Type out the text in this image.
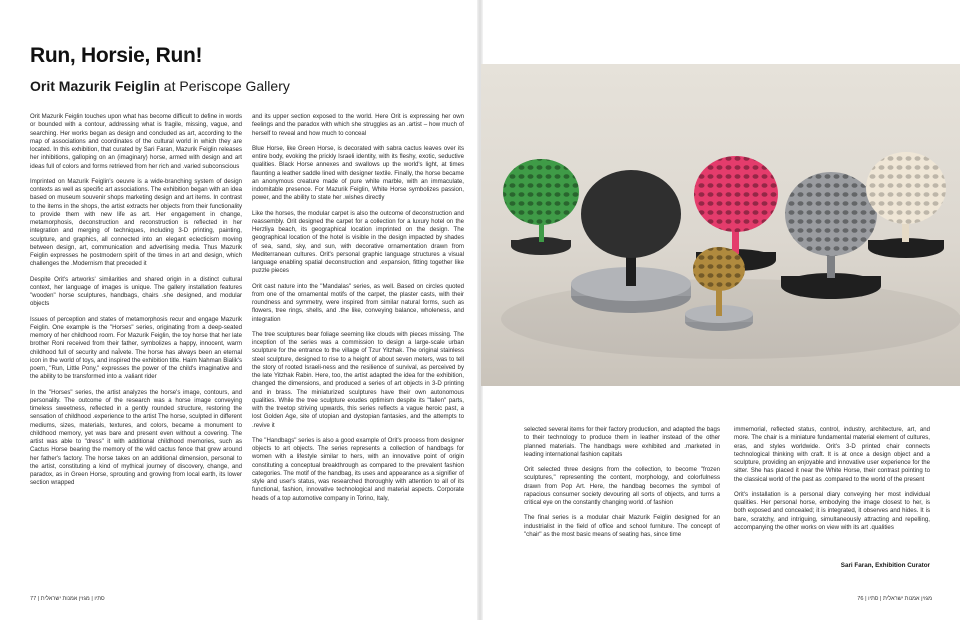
Run, Horsie, Run!
Orit Mazurik Feiglin at Periscope Gallery

Orit Mazurik Feiglin touches upon what has become difficult to define in words or bounded with a contour, addressing what is fragile, missing, vague, and searching. Her works began as design and concluded as art, according to the map of associations and coordinates of the cultural world in which they are located. In this exhibition, that curated by Sari Faran, Mazurik Feiglin releases her inhibitions, galloping on an (imaginary) horse, armed with design and art ideas full of colors and forms retrieved from her rich and .varied subconscious

Imprinted on Mazurik Feiglin's oeuvre is a wide-branching system of design contexts as well as specific art associations. The exhibition began with an idea based on museum souvenir shops marketing design and art items. In contrast to the items in the shops, the artist extracts her objects from their functionality to provide them with new life as art. Her engagement in change, metamorphosis, deconstruction and reconstruction is reflected in her integration and merging of techniques, including 3-D printing, painting, sculpture, and graphics, all connected into an elegant eclecticism moving between design, art, communication and advertising media. Thus Mazurik Feiglin expresses he postmodern spirit of the times in art and design, which challenges the .Modernism that preceded it

Despite Orit's artworks' similarities and shared origin in a distinct cultural context, her language of images is unique. The gallery installation features "wooden" horse sculptures, handbags, chairs .she designed, and modular objects

Issues of perception and states of metamorphosis recur and engage Mazurik Feiglin. One example is the "Horses" series, originating from a deep-seated memory of her childhood room. For Mazurik Feiglin, the toy horse that her late brother Roni received from their father, symbolizes a happy, innocent, warm childhood full of security and naÏvete. The horse has always been an eternal icon in the world of toys, and inspired the exhibition title. Haim Nahman Bialik's poem, "Run, Little Pony," expresses the power of the child's imaginative and the ability to be transformed into a .valiant rider

In the "Horses" series, the artist analyzes the horse's image, contours, and personality. The outcome of the research was a horse image conveying timeless sweetness, reflected in a gently rounded structure, restoring the sensation of childhood .experience to the artist The horse, sculpted in different mediums, sizes, materials, textures, and colors, became a monument to childhood memory, yet was bare and present even without a covering. The artist was able to "dress" it with additional childhood memories, such as Cactus Horse bearing the memory of the wild cactus fence that grew around her father's factory. The horse takes on an additional dimension, personal to the artist, constituting a kind of mythical journey of discovery, change, and paradox, as in Green Horse, sprouting and growing from local earth, its lower section wrapped

and its upper section exposed to the world. Here Orit is expressing her own feelings and the paradox with which she struggles as an .artist – how much of herself to reveal and how much to conceal

Blue Horse, like Green Horse, is decorated with sabra cactus leaves over its entire body, evoking the prickly Israeli identity, with its fleshy, exotic, seductive qualities. Black Horse annexes and swallows up the world's light, at times flaunting a leather saddle lined with designer textile. Finally, the horse became an anonymous creature made of pure white marble, with an immaculate, indomitable presence. For Mazurik Feiglin, White Horse symbolizes passion, power, and the ability to state her .wishes directly

Like the horses, the modular carpet is also the outcome of deconstruction and reassembly. Orit designed the carpet for a collection for a luxury hotel on the Herzliya beach, its geographical location imprinted on the design. The geographical location of the hotel is visible in the design impacted by shades of sea, sand, sky, and sun, with decorative ornamentation drawn from Mediterranean cultures. Orit's personal graphic language structures a visual language enabling spatial deconstruction and .expansion, fitting together like puzzle pieces

Orit cast nature into the "Mandalas" series, as well. Based on circles quoted from one of the ornamental motifs of the carpet, the plaster casts, with their roundness and symmetry, were inspired from similar natural forms, such as flowers, tree rings, shells, and .the like, conveying balance, wholeness, and integration

The tree sculptures bear foliage seeming like clouds with pieces missing. The inception of the series was a commission to design a large-scale urban sculpture for the entrance to the village of Tzur Yitzhak. The original stainless steel sculpture, designed to rise to a height of about seven meters, was to tell the story of rooted Israeli-ness and the resilience of survival, as perceived by the late Yitzhak Rabin. Here, too, the artist adapted the idea for the exhibition, changed the dimensions, and produced a series of art objects in 3-D printing and in brass. The miniaturized sculptures have their own autonomous qualities. While the tree sculpture exudes optimism despite its "fallen" parts, with the treetop striving upwards, this series reflects a vague heroic past, a lost Golden Age, site of utopian and dystopian fantasies, and the attempts to .revive it

The "Handbags" series is also a good example of Orit's process from designer objects to art objects. The series represents a collection of handbags for women with a lifestyle similar to hers, with an innovative point of origin constituting a conceptual breakthrough as compared to the prevalent fashion categories. The motif of the handbag, its uses and appearance as a signifier of style and user's status, was researched thoroughly with attention to all of its functional, fashion, innovative technological and material aspects. Corporate heads of a top automotive company in Torino, Italy,

selected several items for their factory production, and adapted the bags to their technology to produce them in leather instead of the other planned materials. The handbags were exhibited and .marketed in leading international fashion capitals

Orit selected three designs from the collection, to become "frozen sculptures," representing the content, morphology, and colorfulness drawn from Pop Art. Here, the handbag becomes the symbol of rapacious consumer society devouring all sorts of objects, and turns a critical eye on the constantly changing world .of fashion

The final series is a modular chair Mazurik Feiglin designed for an industrialist in the field of office and school furniture. The concept of "chair" as the most basic means of seating has, since time

immemorial, reflected status, control, industry, architecture, art, and more. The chair is a miniature fundamental material element of cultures, eras, and styles worldwide. Orit's 3-D printed chair connects technological thinking with craft. It is at once a design object and a sculpture, providing an enjoyable and innovative user experience for the sitter. She has placed it near the White Horse, their contrast pointing to the classical world of the past as .compared to the world of the present

Orit's installation is a personal diary conveying her most individual qualities. Her personal horse, embodying the image closest to her, is both exposed and concealed; it is integrated, it observes and hides. It is bare, scratchy, and intriguing, simultaneously attracting and repelling, accompanying the other works on view with its art .qualities

Sari Faran, Exhibition Curator
77 | סתיו | מגזין אמנות ישראלית	מגזין אמנות ישראלית | סתיו | 76
